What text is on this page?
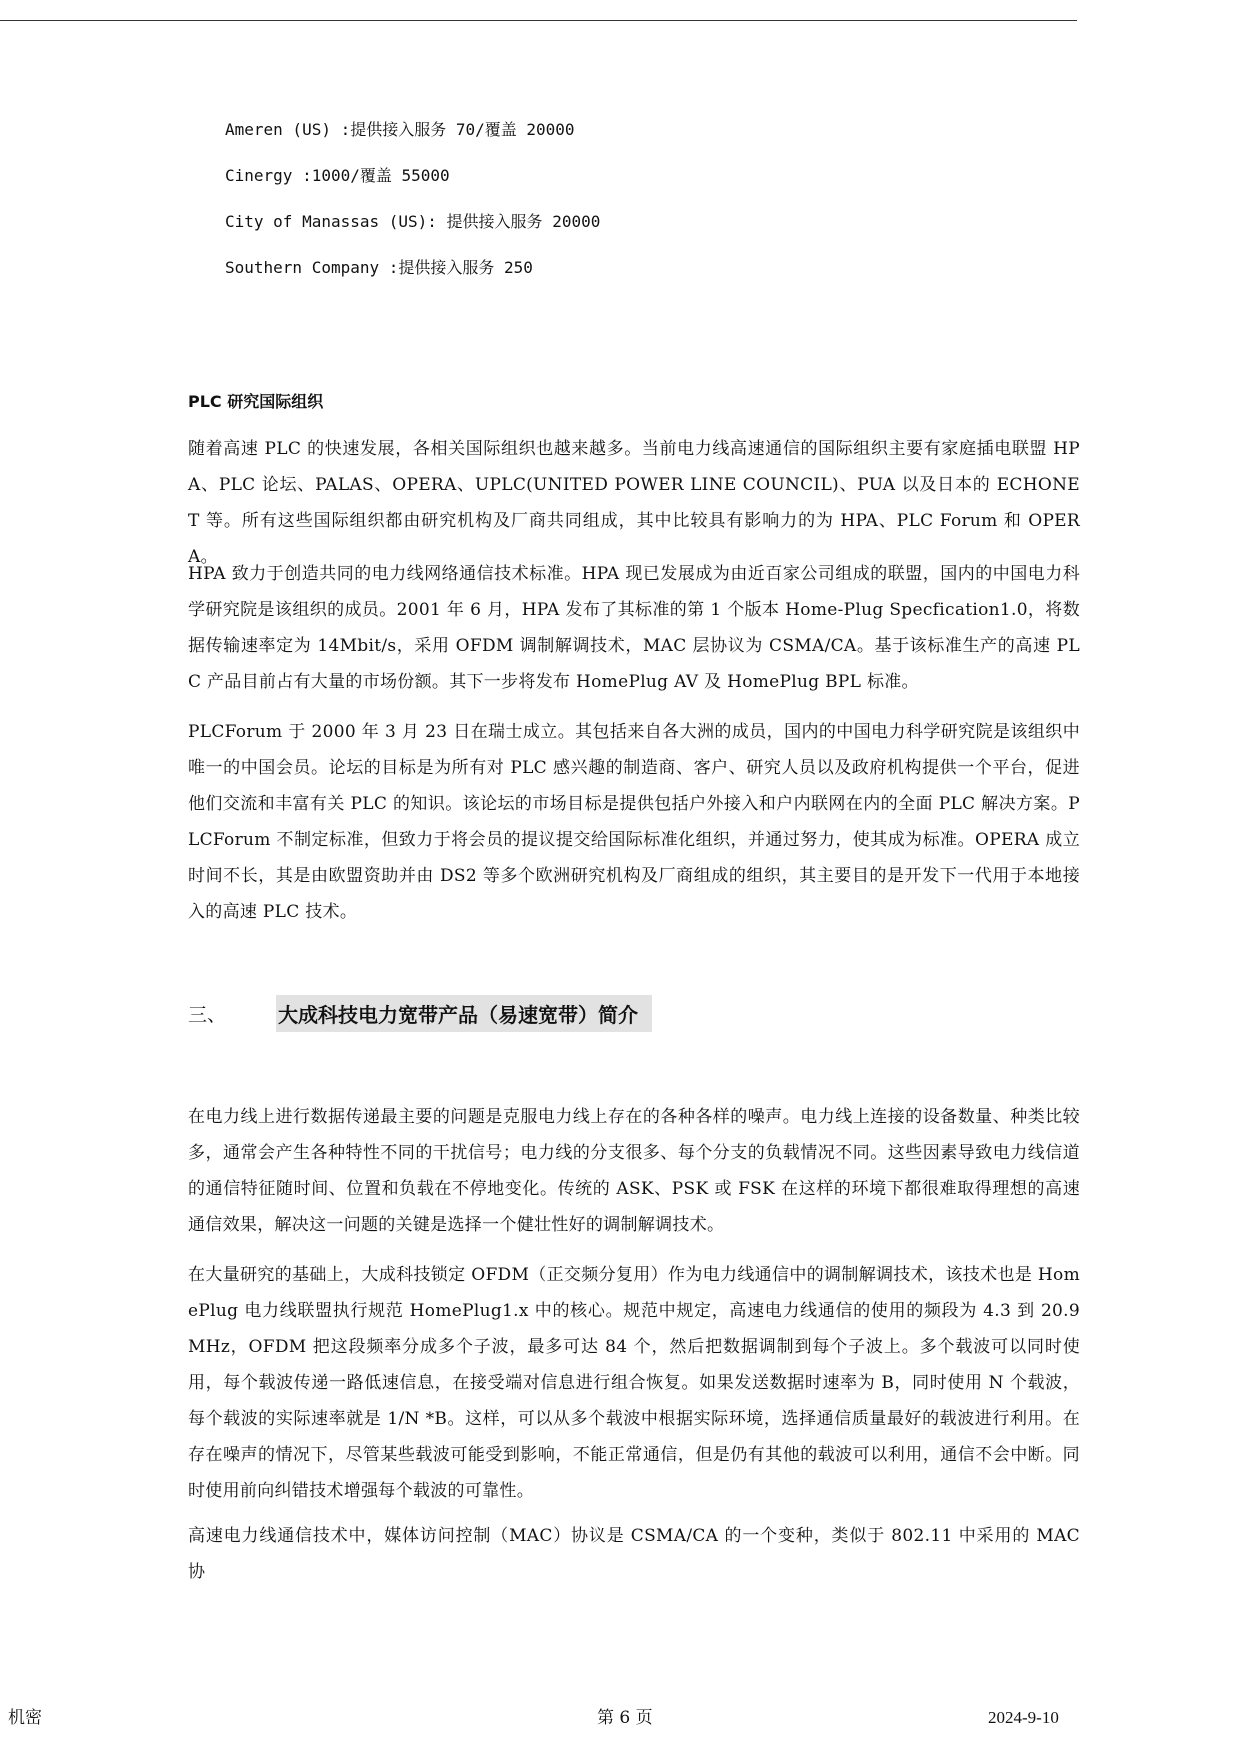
Ameren (US) :提供接入服务 70/覆盖 20000
Cinergy :1000/覆盖 55000
City of Manassas (US): 提供接入服务 20000
Southern Company :提供接入服务 250
PLC 研究国际组织

随着高速 PLC 的快速发展，各相关国际组织也越来越多。当前电力线高速通信的国际组织主要有家庭插电联盟 HPA、PLC 论坛、PALAS、OPERA、UPLC(UNITED POWER LINE COUNCIL)、PUA 以及日本的 ECHONET 等。所有这些国际组织都由研究机构及厂商共同组成，其中比较具有影响力的为 HPA、PLC Forum 和 OPERA。

HPA 致力于创造共同的电力线网络通信技术标准。HPA 现已发展成为由近百家公司组成的联盟，国内的中国电力科学研究院是该组织的成员。2001 年 6 月，HPA 发布了其标准的第 1 个版本 Home-Plug Specfication1.0，将数据传输速率定为 14Mbit/s，采用 OFDM 调制解调技术，MAC 层协议为 CSMA/CA。基于该标准生产的高速 PLC 产品目前占有大量的市场份额。其下一步将发布 HomePlug AV 及 HomePlug BPL 标准。

PLCForum 于 2000 年 3 月 23 日在瑞士成立。其包括来自各大洲的成员，国内的中国电力科学研究院是该组织中唯一的中国会员。论坛的目标是为所有对 PLC 感兴趣的制造商、客户、研究人员以及政府机构提供一个平台，促进他们交流和丰富有关 PLC 的知识。该论坛的市场目标是提供包括户外接入和户内联网在内的全面 PLC 解决方案。PLCForum 不制定标准，但致力于将会员的提议提交给国际标准化组织，并通过努力，使其成为标准。OPERA 成立时间不长，其是由欧盟资助并由 DS2 等多个欧洲研究机构及厂商组成的组织，其主要目的是开发下一代用于本地接入的高速 PLC 技术。

三、	大成科技电力宽带产品（易速宽带）简介

在电力线上进行数据传递最主要的问题是克服电力线上存在的各种各样的噪声。电力线上连接的设备数量、种类比较多，通常会产生各种特性不同的干扰信号；电力线的分支很多、每个分支的负载情况不同。这些因素导致电力线信道的通信特征随时间、位置和负载在不停地变化。传统的 ASK、PSK 或 FSK 在这样的环境下都很难取得理想的高速通信效果，解决这一问题的关键是选择一个健壮性好的调制解调技术。

在大量研究的基础上，大成科技锁定 OFDM（正交频分复用）作为电力线通信中的调制解调技术，该技术也是 HomePlug 电力线联盟执行规范 HomePlug1.x 中的核心。规范中规定，高速电力线通信的使用的频段为 4.3 到 20.9MHz，OFDM 把这段频率分成多个子波，最多可达 84 个，然后把数据调制到每个子波上。多个载波可以同时使用，每个载波传递一路低速信息，在接受端对信息进行组合恢复。如果发送数据时速率为 B，同时使用 N 个载波，每个载波的实际速率就是 1/N *B。这样，可以从多个载波中根据实际环境，选择通信质量最好的载波进行利用。在存在噪声的情况下，尽管某些载波可能受到影响，不能正常通信，但是仍有其他的载波可以利用，通信不会中断。同时使用前向纠错技术增强每个载波的可靠性。

高速电力线通信技术中，媒体访问控制（MAC）协议是 CSMA/CA 的一个变种，类似于 802.11 中采用的 MAC 协

机密	第 6 页	2024-9-10
